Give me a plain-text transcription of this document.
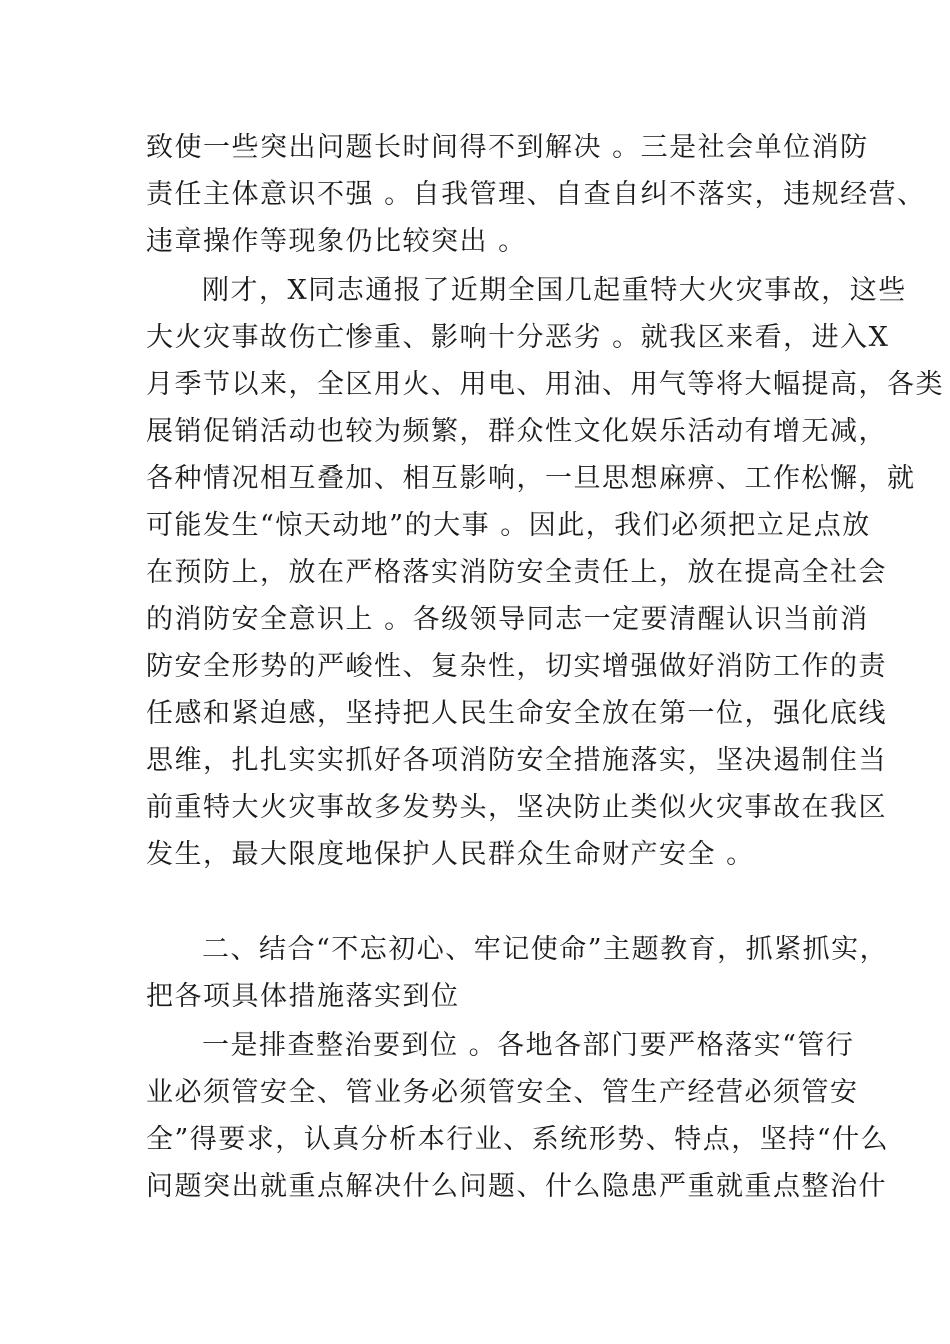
致使一些突出问题长时间得不到解决 。三是社会单位消防
责任主体意识不强 。自我管理、自查自纠不落实，违规经营、
违章操作等现象仍比较突出 。
刚才，X同志通报了近期全国几起重特大火灾事故，这些
大火灾事故伤亡惨重、影响十分恶劣 。就我区来看，进入X
月季节以来，全区用火、用电、用油、用气等将大幅提高，各类
展销促销活动也较为频繁，群众性文化娱乐活动有增无减，
各种情况相互叠加、相互影响，一旦思想麻痹、工作松懈，就
可能发生“惊天动地”的大事 。因此，我们必须把立足点放
在预防上，放在严格落实消防安全责任上，放在提高全社会
的消防安全意识上 。各级领导同志一定要清醒认识当前消
防安全形势的严峻性、复杂性，切实增强做好消防工作的责
任感和紧迫感，坚持把人民生命安全放在第一位，强化底线
思维，扎扎实实抓好各项消防安全措施落实，坚决遏制住当
前重特大火灾事故多发势头，坚决防止类似火灾事故在我区
发生，最大限度地保护人民群众生命财产安全 。
二、结合“不忘初心、牢记使命”主题教育，抓紧抓实，
把各项具体措施落实到位
一是排查整治要到位 。各地各部门要严格落实“管行
业必须管安全、管业务必须管安全、管生产经营必须管安
全”得要求，认真分析本行业、系统形势、特点，坚持“什么
问题突出就重点解决什么问题、什么隐患严重就重点整治什
